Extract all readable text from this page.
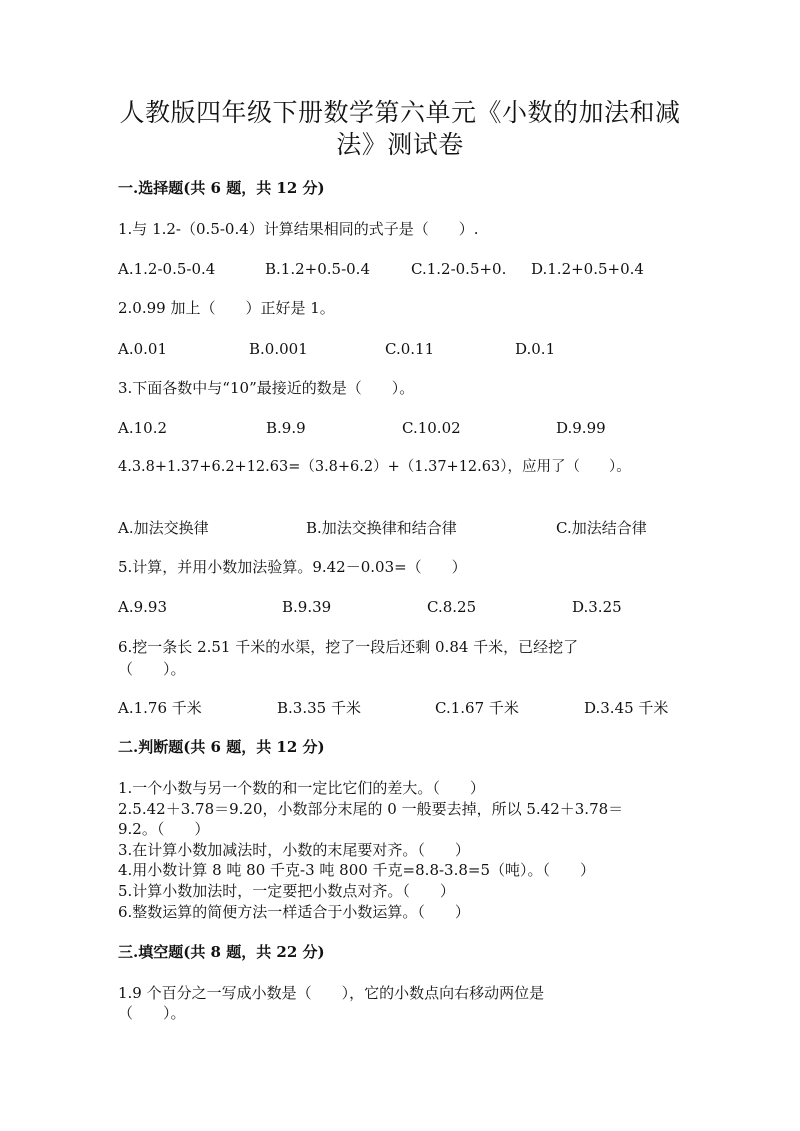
人教版四年级下册数学第六单元《小数的加法和减
法》测试卷
一.选择题(共 6 题，共 12 分)
1.与 1.2-（0.5-0.4）计算结果相同的式子是（　　）.
A.1.2-0.5-0.4	B.1.2+0.5-0.4	C.1.2-0.5+0. D.1.2+0.5+0.4
2.0.99 加上（　　）正好是 1。
A.0.01	B.0.001	C.0.11	D.0.1
3.下面各数中与“10”最接近的数是（　　）。
A.10.2	B.9.9	C.10.02	D.9.99
4.3.8+1.37+6.2+12.63=（3.8+6.2）+（1.37+12.63），应用了（　　）。
A.加法交换律	B.加法交换律和结合律	C.加法结合律
5.计算，并用小数加法验算。9.42－0.03=（　　）
A.9.93	B.9.39	C.8.25	D.3.25
6.挖一条长 2.51 千米的水渠，挖了一段后还剩 0.84 千米，已经挖了
（　　）。
A.1.76 千米	B.3.35 千米	C.1.67 千米	D.3.45 千米
二.判断题(共 6 题，共 12 分)
1.一个小数与另一个数的和一定比它们的差大。（　　）
2.5.42＋3.78＝9.20，小数部分末尾的 0 一般要去掉，所以 5.42＋3.78＝
9.2。（　　）
3.在计算小数加减法时，小数的末尾要对齐。（　　）
4.用小数计算 8 吨 80 千克-3 吨 800 千克=8.8-3.8=5（吨）。（　　）
5.计算小数加法时，一定要把小数点对齐。（　　）
6.整数运算的简便方法一样适合于小数运算。（　　）
三.填空题(共 8 题，共 22 分)
1.9 个百分之一写成小数是（　　），它的小数点向右移动两位是
（　　）。
